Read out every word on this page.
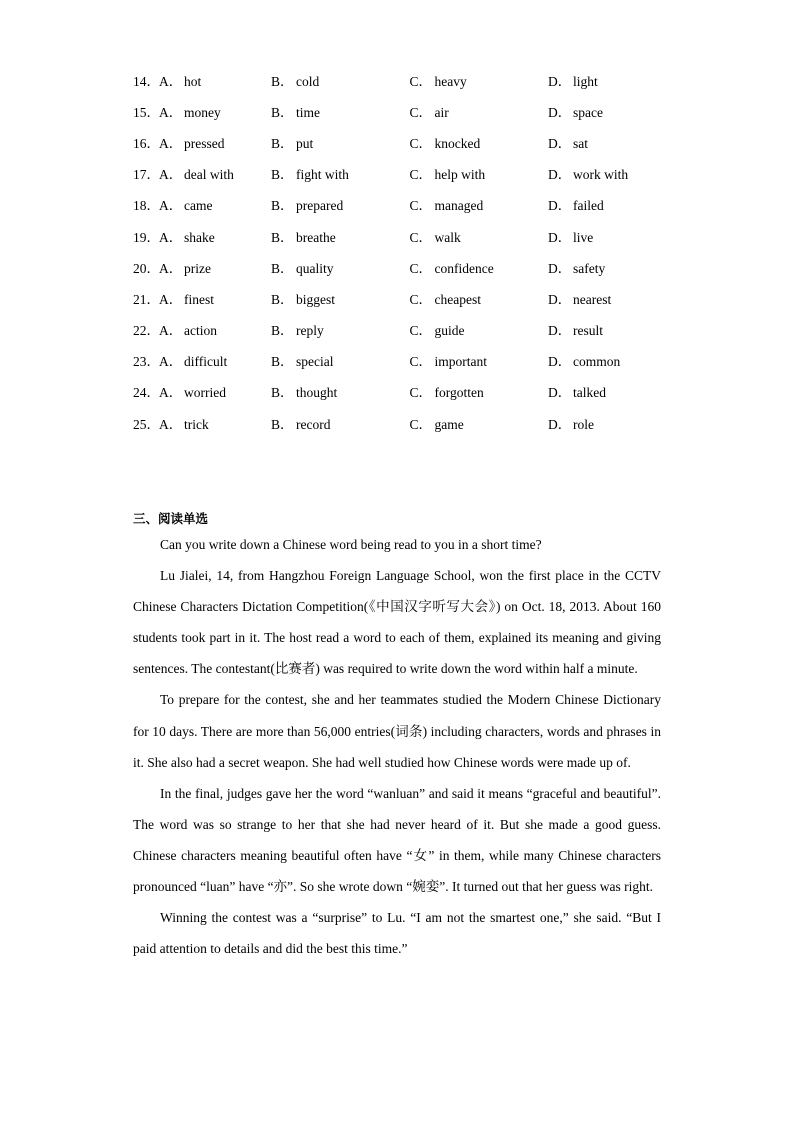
14．A． hot	B． cold	C． heavy	D． light
15．A． money	B． time	C． air	D． space
16．A． pressed	B． put	C． knocked	D． sat
17．A． deal with	B． fight with	C． help with	D． work with
18．A． came	B． prepared	C． managed	D． failed
19．A． shake	B． breathe	C． walk	D． live
20．A． prize	B． quality	C． confidence	D． safety
21．A． finest	B． biggest	C． cheapest	D． nearest
22．A． action	B． reply	C． guide	D． result
23．A． difficult	B． special	C． important	D． common
24．A． worried	B． thought	C． forgotten	D． talked
25．A． trick	B． record	C． game	D． role
三、阅读单选

Can you write down a Chinese word being read to you in a short time?

Lu Jialei, 14, from Hangzhou Foreign Language School, won the first place in the CCTV Chinese Characters Dictation Competition(《中国汉字听写大会》) on Oct. 18, 2013. About 160 students took part in it. The host read a word to each of them, explained its meaning and giving sentences. The contestant(比赛者) was required to write down the word within half a minute.

To prepare for the contest, she and her teammates studied the Modern Chinese Dictionary for 10 days. There are more than 56,000 entries(词条) including characters, words and phrases in it. She also had a secret weapon. She had well studied how Chinese words were made up of.

In the final, judges gave her the word “wanluan” and said it means “graceful and beautiful”. The word was so strange to her that she had never heard of it. But she made a good guess. Chinese characters meaning beautiful often have “女” in them, while many Chinese characters pronounced “luan” have “亦”. So she wrote down “婉娈”. It turned out that her guess was right.

Winning the contest was a “surprise” to Lu. “I am not the smartest one,” she said. “But I paid attention to details and did the best this time.”
